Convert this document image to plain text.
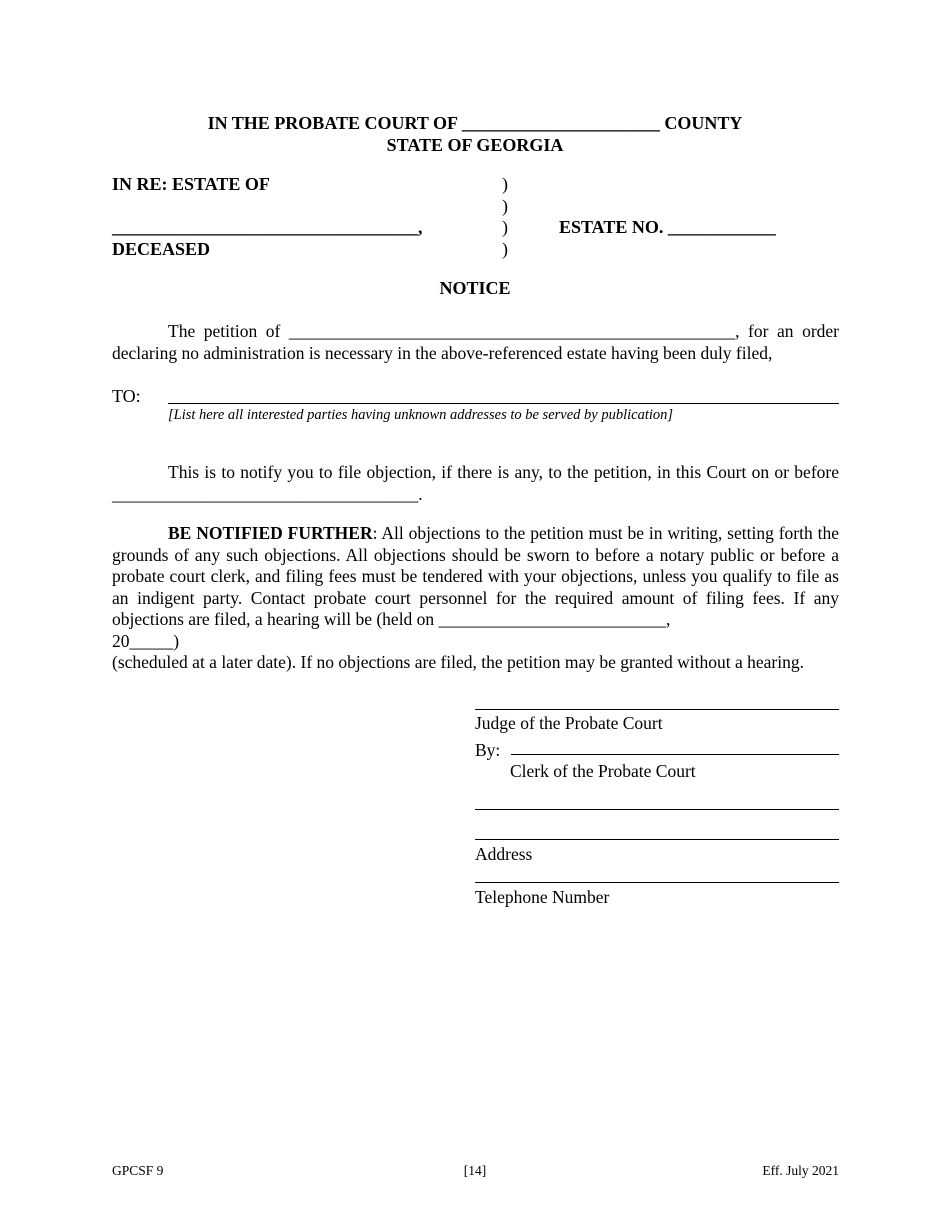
IN THE PROBATE COURT OF ______________________ COUNTY
STATE OF GEORGIA
IN RE: ESTATE OF
__________________________________,
DECEASED
)
)
)
)
ESTATE NO. ____________
NOTICE
The petition of ___________________________________________________, for an order declaring no administration is necessary in the above-referenced estate having been duly filed,
TO:
[List here all interested parties having unknown addresses to be served by publication]
This is to notify you to file objection, if there is any, to the petition, in this Court on or before ___________________________________.
BE NOTIFIED FURTHER: All objections to the petition must be in writing, setting forth the grounds of any such objections. All objections should be sworn to before a notary public or before a probate court clerk, and filing fees must be tendered with your objections, unless you qualify to file as an indigent party. Contact probate court personnel for the required amount of filing fees. If any objections are filed, a hearing will be (held on __________________________,
20_____)
(scheduled at a later date). If no objections are filed, the petition may be granted without a hearing.
Judge of the Probate Court
By:
Clerk of the Probate Court
Address
Telephone Number
GPCSF 9	[14]	Eff. July 2021
